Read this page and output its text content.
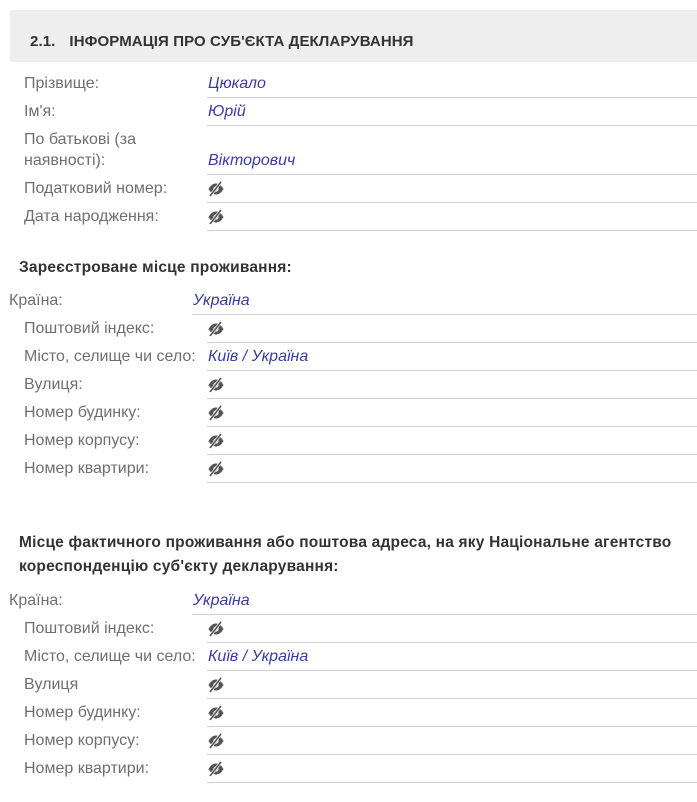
2.1. ІНФОРМАЦІЯ ПРО СУБ'ЄКТА ДЕКЛАРУВАННЯ
Прізвище:	Цюкало
Ім'я:	Юрій
По батькові (за
наявності):	Вікторович
Податковий номер:
Дата народження:
Зареєстроване місце проживання:
Країна:	Україна
Поштовий індекс:
Місто, селище чи село: Київ / Україна
Вулиця:
Номер будинку:
Номер корпусу:
Номер квартири:
Місце фактичного проживання або поштова адреса, на яку Національне агентство
кореспонденцію суб'єкту декларування:
Країна:	Україна
Поштовий індекс:
Місто, селище чи село: Київ / Україна
Вулиця
Номер будинку:
Номер корпусу:
Номер квартири:
